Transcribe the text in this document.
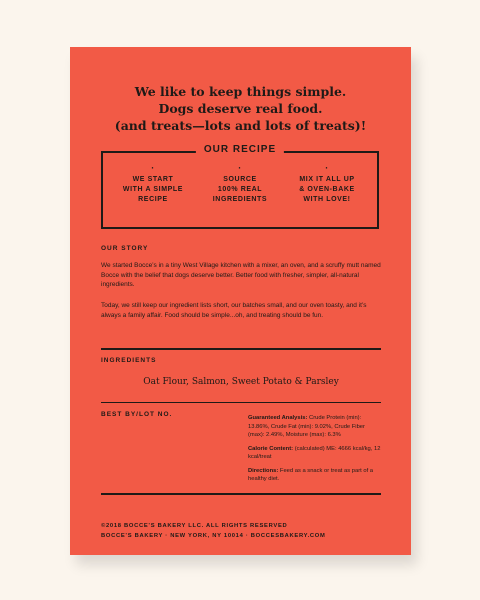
We like to keep things simple.
Dogs deserve real food.
(and treats—lots and lots of treats)!
OUR RECIPE
·
WE START
WITH A SIMPLE
RECIPE
·
SOURCE
100% REAL
INGREDIENTS
·
MIX IT ALL UP
& OVEN-BAKE
WITH LOVE!
OUR STORY
We started Bocce’s in a tiny West Village kitchen with a mixer, an oven, and a scruffy mutt named Bocce with the belief that dogs deserve better. Better food with fresher, simpler, all-natural ingredients.
Today, we still keep our ingredient lists short, our batches small, and our oven toasty, and it’s always a family affair. Food should be simple...oh, and treating should be fun.
INGREDIENTS
Oat Flour, Salmon, Sweet Potato & Parsley
BEST BY/LOT NO.	Guaranteed Analysis: Crude Protein (min): 13.86%, Crude Fat (min): 9.02%, Crude Fiber (max): 2.49%, Moisture (max): 6.3%

Calorie Content: (calculated) ME: 4666 kcal/kg, 12 kcal/treat

Directions: Feed as a snack or treat as part of a healthy diet.

©2018 BOCCE’S BAKERY LLC. ALL RIGHTS RESERVED
BOCCE’S BAKERY · NEW YORK, NY 10014 · BOCCESBAKERY.COM
